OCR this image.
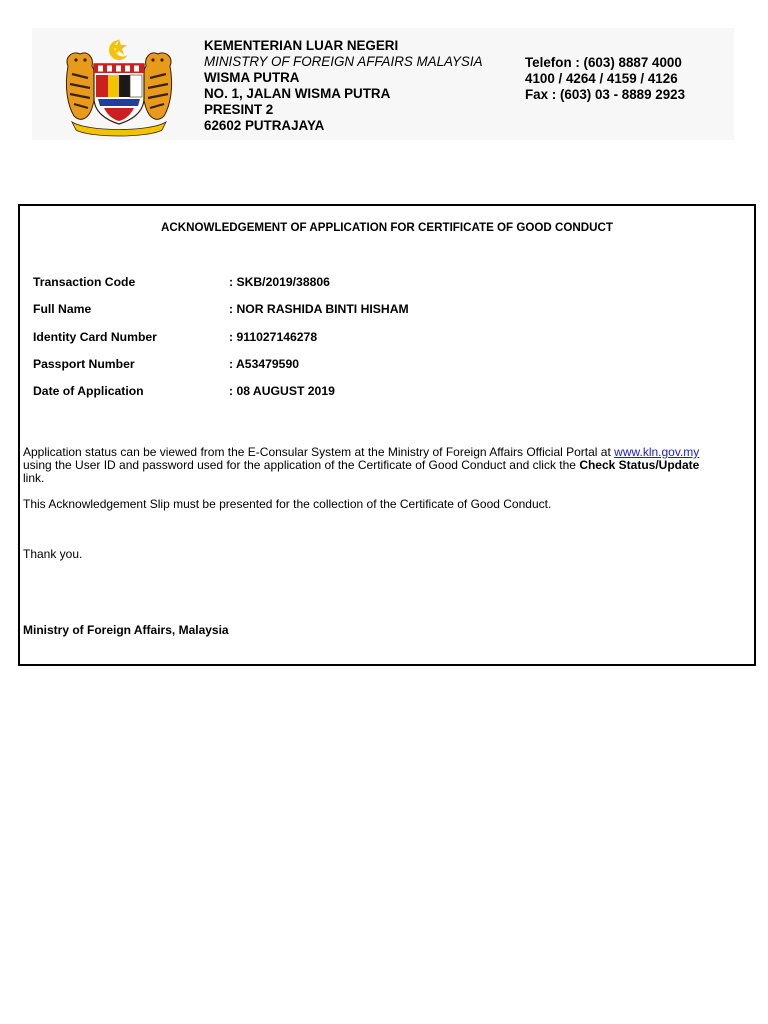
KEMENTERIAN LUAR NEGERI
MINISTRY OF FOREIGN AFFAIRS MALAYSIA
WISMA PUTRA
NO. 1, JALAN WISMA PUTRA
PRESINT 2
62602 PUTRAJAYA
Telefon : (603) 8887 4000
4100 / 4264 / 4159 / 4126
Fax : (603) 03 - 8889 2923
ACKNOWLEDGEMENT OF APPLICATION FOR CERTIFICATE OF GOOD CONDUCT
Transaction Code	: SKB/2019/38806
Full Name	: NOR RASHIDA BINTI HISHAM
Identity Card Number	: 911027146278
Passport Number	: A53479590
Date of Application	: 08 AUGUST 2019
Application status can be viewed from the E-Consular System at the Ministry of Foreign Affairs Official Portal at www.kln.gov.my
using the User ID and password used for the application of the Certificate of Good Conduct and click the Check Status/Update
link.
This Acknowledgement Slip must be presented for the collection of the Certificate of Good Conduct.
Thank you.
Ministry of Foreign Affairs, Malaysia
